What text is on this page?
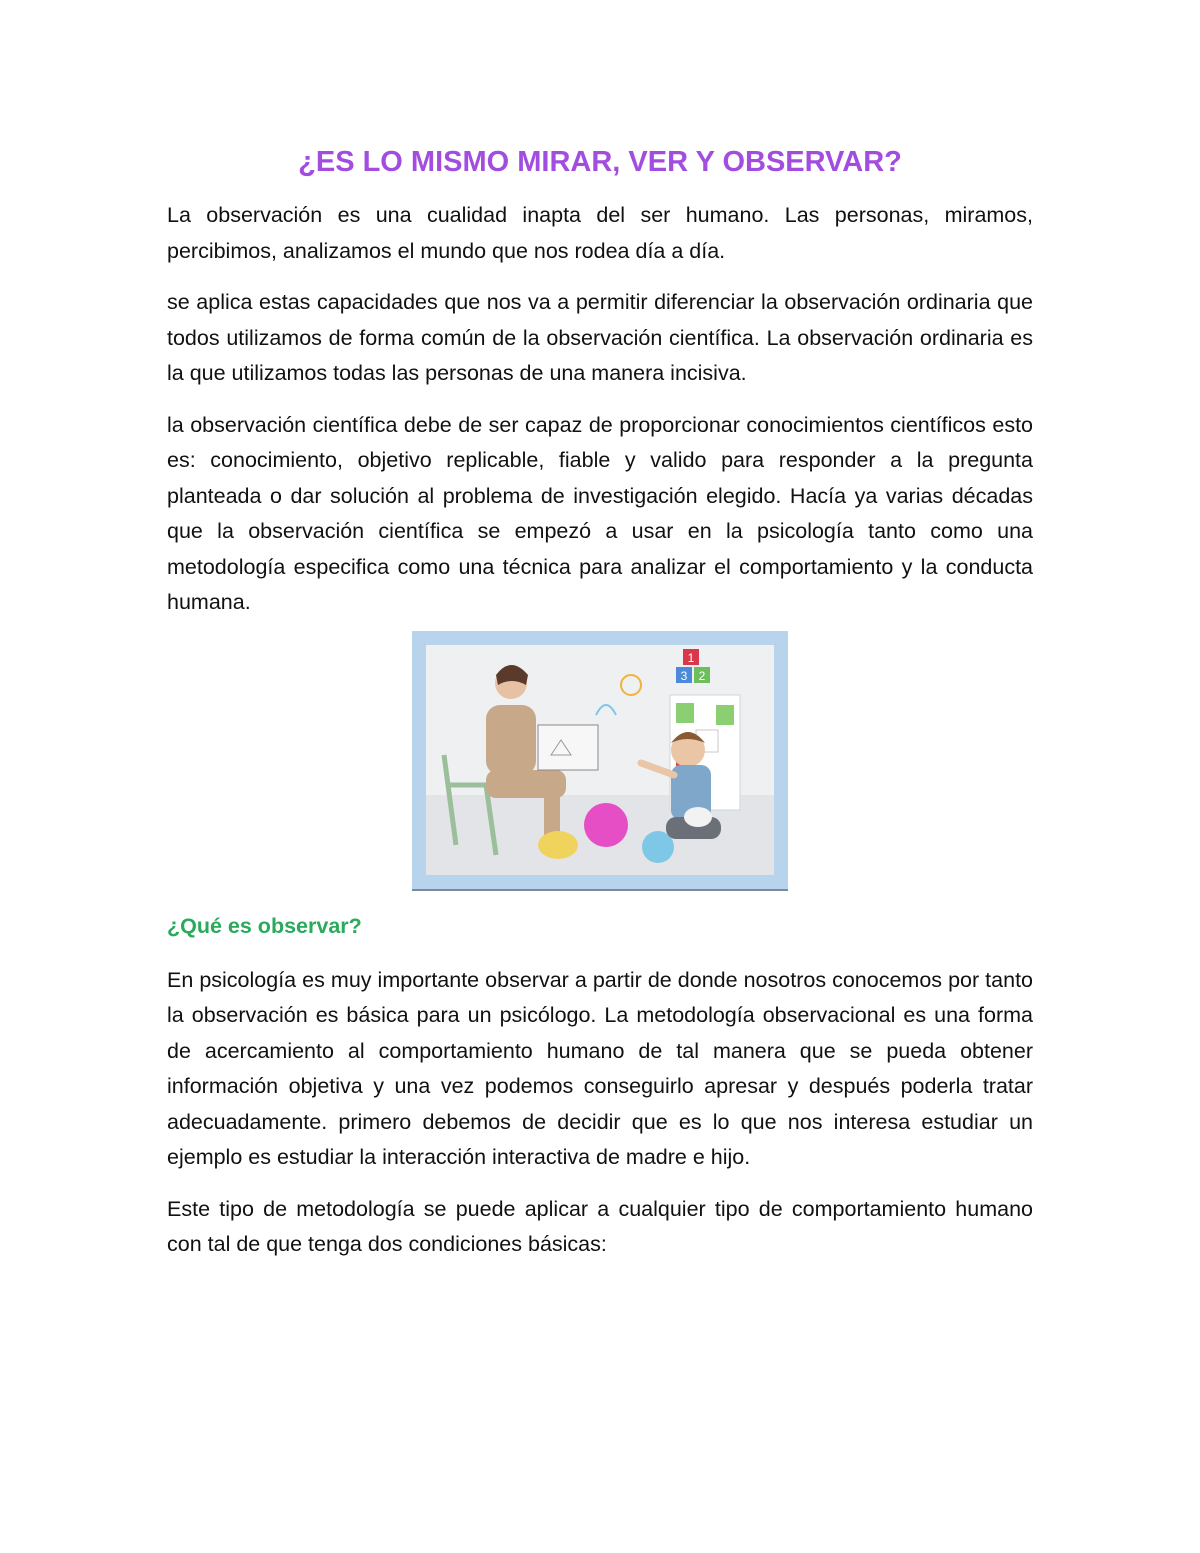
¿ES LO MISMO MIRAR, VER Y OBSERVAR?

La observación es una cualidad inapta del ser humano. Las personas, miramos, percibimos, analizamos el mundo que nos rodea día a día.

se aplica estas capacidades que nos va a permitir diferenciar la observación ordinaria que todos utilizamos de forma común de la observación científica. La observación ordinaria es la que utilizamos todas las personas de una manera incisiva.

la observación científica debe de ser capaz de proporcionar conocimientos científicos esto es: conocimiento, objetivo replicable, fiable y valido para responder a la pregunta planteada o dar solución al problema de investigación elegido. Hacía ya varias décadas que la observación científica se empezó a usar en la psicología tanto como una metodología especifica como una técnica para analizar el comportamiento y la conducta humana.

1
3 2
¿Qué es observar?

En psicología es muy importante observar a partir de donde nosotros conocemos por tanto la observación es básica para un psicólogo. La metodología observacional es una forma de acercamiento al comportamiento humano de tal manera que se pueda obtener información objetiva y una vez podemos conseguirlo apresar y después poderla tratar adecuadamente. primero debemos de decidir que es lo que nos interesa estudiar un ejemplo es estudiar la interacción interactiva de madre e hijo.

Este tipo de metodología se puede aplicar a cualquier tipo de comportamiento humano con tal de que tenga dos condiciones básicas:
